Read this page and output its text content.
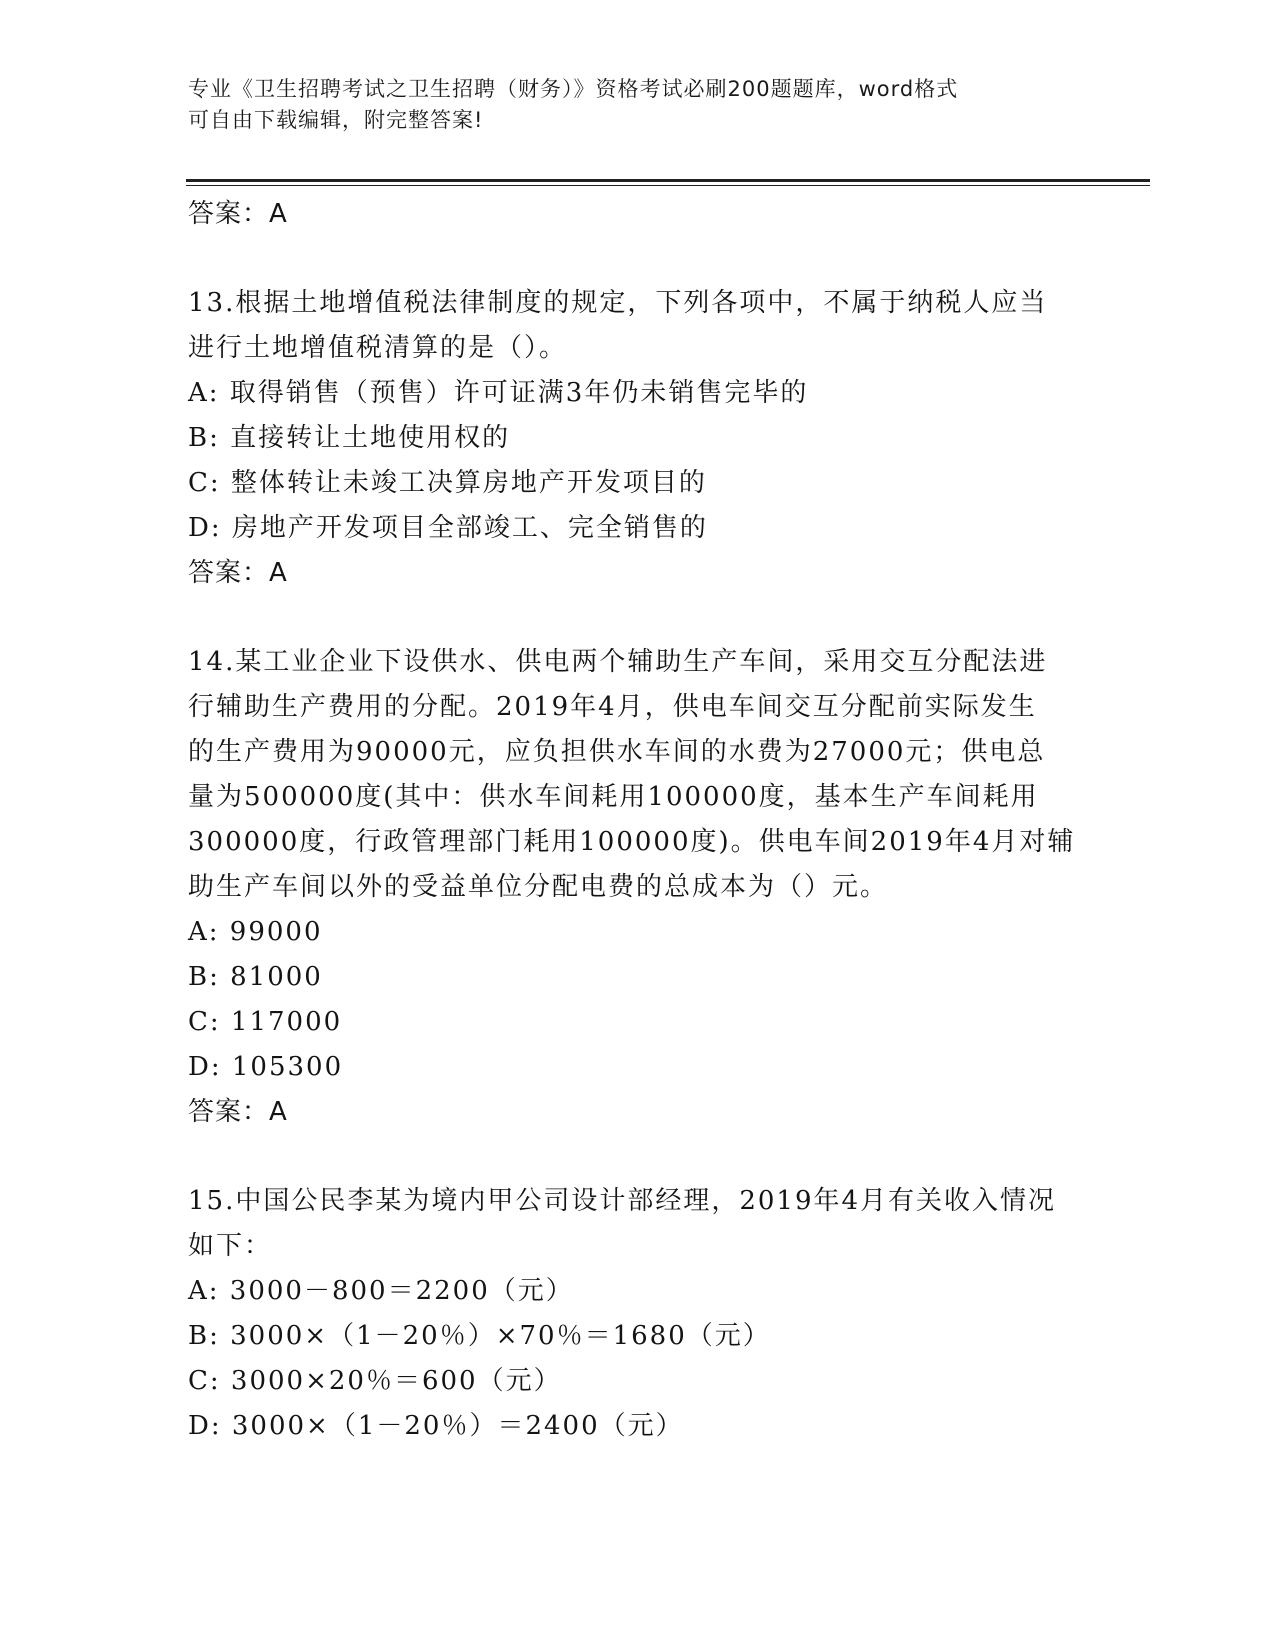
专业《卫生招聘考试之卫生招聘（财务）》资格考试必刷200题题库，word格式
可自由下载编辑，附完整答案!
答案：A
13.根据土地增值税法律制度的规定，下列各项中，不属于纳税人应当
进行土地增值税清算的是（）。
A: 取得销售（预售）许可证满3年仍未销售完毕的
B: 直接转让土地使用权的
C: 整体转让未竣工决算房地产开发项目的
D: 房地产开发项目全部竣工、完全销售的
答案：A
14.某工业企业下设供水、供电两个辅助生产车间，采用交互分配法进
行辅助生产费用的分配。2019年4月，供电车间交互分配前实际发生
的生产费用为90000元，应负担供水车间的水费为27000元；供电总
量为500000度(其中：供水车间耗用100000度，基本生产车间耗用
300000度，行政管理部门耗用100000度)。供电车间2019年4月对辅
助生产车间以外的受益单位分配电费的总成本为（）元。
A: 99000
B: 81000
C: 117000
D: 105300
答案：A
15.中国公民李某为境内甲公司设计部经理，2019年4月有关收入情况
如下：
A: 3000－800＝2200（元）
B: 3000×（1－20％）×70％＝1680（元）
C: 3000×20％＝600（元）
D: 3000×（1－20％）＝2400（元）
